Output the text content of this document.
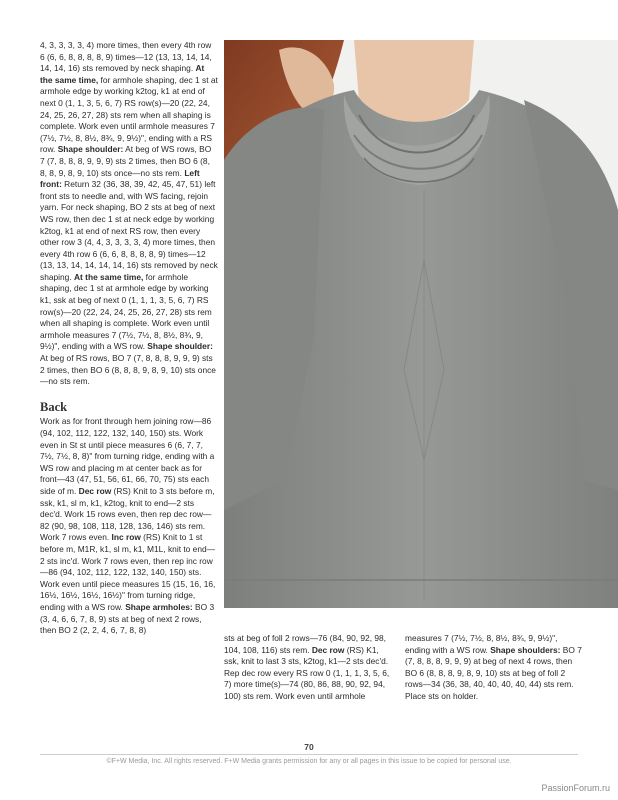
4, 3, 3, 3, 3, 4) more times, then every 4th row 6 (6, 6, 8, 8, 8, 8, 9) times—12 (13, 13, 14, 14, 14, 14, 16) sts removed by neck shaping. At the same time, for armhole shaping, dec 1 st at armhole edge by working k2tog, k1 at end of next 0 (1, 1, 3, 5, 6, 7) RS row(s)—20 (22, 24, 24, 25, 26, 27, 28) sts rem when all shaping is complete. Work even until armhole measures 7 (7½, 7½, 8, 8½, 8¾, 9, 9½)", ending with a RS row. Shape shoulder: At beg of WS rows, BO 7 (7, 8, 8, 8, 9, 9, 9) sts 2 times, then BO 6 (8, 8, 8, 9, 8, 9, 10) sts once—no sts rem. Left front: Return 32 (36, 38, 39, 42, 45, 47, 51) left front sts to needle and, with WS facing, rejoin yarn. For neck shaping, BO 2 sts at beg of next WS row, then dec 1 st at neck edge by working k2tog, k1 at end of next RS row, then every other row 3 (4, 4, 3, 3, 3, 3, 4) more times, then every 4th row 6 (6, 6, 8, 8, 8, 8, 9) times—12 (13, 13, 14, 14, 14, 14, 16) sts removed by neck shaping. At the same time, for armhole shaping, dec 1 st at armhole edge by working k1, ssk at beg of next 0 (1, 1, 1, 3, 5, 6, 7) RS row(s)—20 (22, 24, 24, 25, 26, 27, 28) sts rem when all shaping is complete. Work even until armhole measures 7 (7½, 7½, 8, 8½, 8¾, 9, 9½)", ending with a WS row. Shape shoulder: At beg of RS rows, BO 7 (7, 8, 8, 8, 9, 9, 9) sts 2 times, then BO 6 (8, 8, 8, 9, 8, 9, 10) sts once—no sts rem.

Back

Work as for front through hem joining row—86 (94, 102, 112, 122, 132, 140, 150) sts. Work even in St st until piece measures 6 (6, 7, 7, 7½, 7½, 8, 8)" from turning ridge, ending with a WS row and placing m at center back as for front—43 (47, 51, 56, 61, 66, 70, 75) sts each side of m. Dec row (RS) Knit to 3 sts before m, ssk, k1, sl m, k1, k2tog, knit to end—2 sts dec'd. Work 15 rows even, then rep dec row—82 (90, 98, 108, 118, 128, 136, 146) sts rem. Work 7 rows even. Inc row (RS) Knit to 1 st before m, M1R, k1, sl m, k1, M1L, knit to end—2 sts inc'd. Work 7 rows even, then rep inc row—86 (94, 102, 112, 122, 132, 140, 150) sts. Work even until piece measures 15 (15, 16, 16, 16½, 16½, 16½, 16½)" from turning ridge, ending with a WS row. Shape armholes: BO 3 (3, 4, 6, 6, 7, 8, 9) sts at beg of next 2 rows, then BO 2 (2, 2, 4, 6, 7, 8, 8)

sts at beg of foll 2 rows—76 (84, 90, 92, 98, 104, 108, 116) sts rem. Dec row (RS) K1, ssk, knit to last 3 sts, k2tog, k1—2 sts dec'd. Rep dec row every RS row 0 (1, 1, 1, 3, 5, 6, 7) more time(s)—74 (80, 86, 88, 90, 92, 94, 100) sts rem. Work even until armhole

measures 7 (7½, 7½, 8, 8½, 8¾, 9, 9½)", ending with a WS row. Shape shoulders: BO 7 (7, 8, 8, 8, 9, 9, 9) at beg of next 4 rows, then BO 6 (8, 8, 8, 9, 8, 9, 10) sts at beg of foll 2 rows—34 (36, 38, 40, 40, 40, 40, 44) sts rem. Place sts on holder.

70
©F+W Media, Inc. All rights reserved. F+W Media grants permission for any or all pages in this issue to be copied for personal use.
PassionForum.ru
